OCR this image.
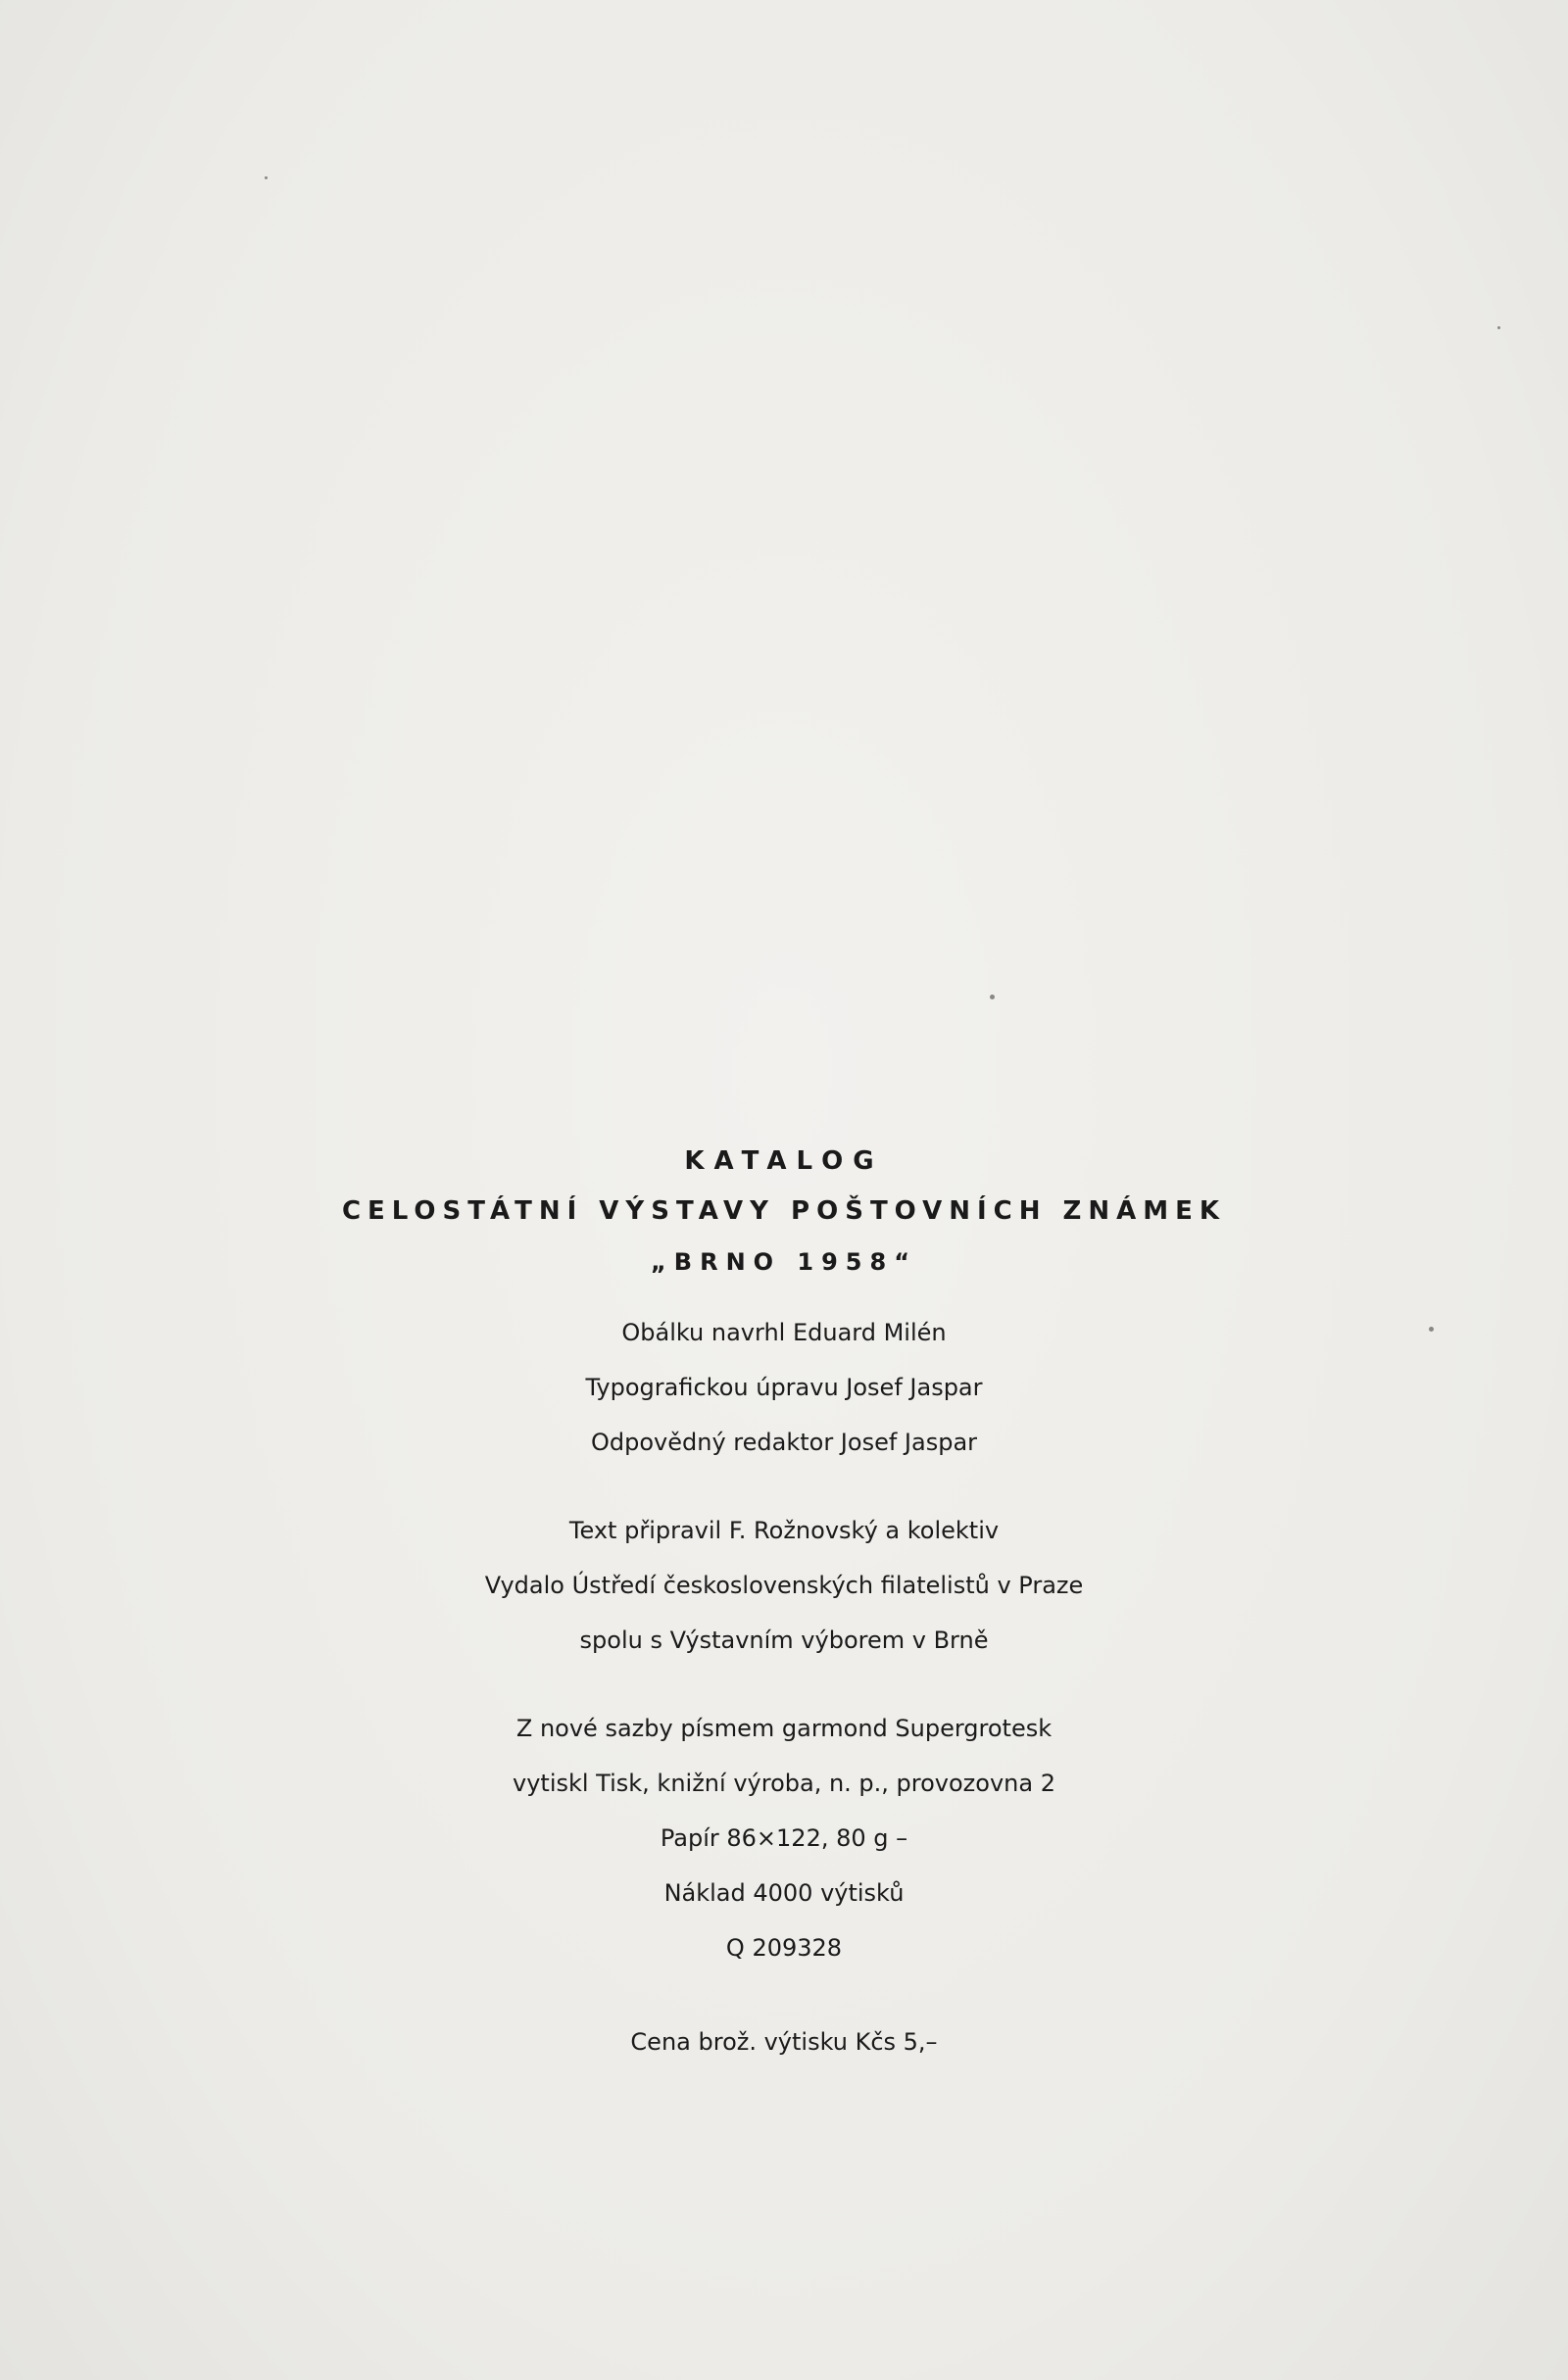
KATALOG

CELOSTÁTNÍ VÝSTAVY POŠTOVNÍCH ZNÁMEK

„BRNO 1958“

Obálku navrhl Eduard Milén

Typografickou úpravu Josef Jaspar

Odpovědný redaktor Josef Jaspar

Text připravil F. Rožnovský a kolektiv

Vydalo Ústředí československých filatelistů v Praze

spolu s Výstavním výborem v Brně

Z nové sazby písmem garmond Supergrotesk

vytiskl Tisk, knižní výroba, n. p., provozovna 2

Papír 86×122, 80 g –

Náklad 4000 výtisků

Q 209328

Cena brož. výtisku Kčs 5,–
